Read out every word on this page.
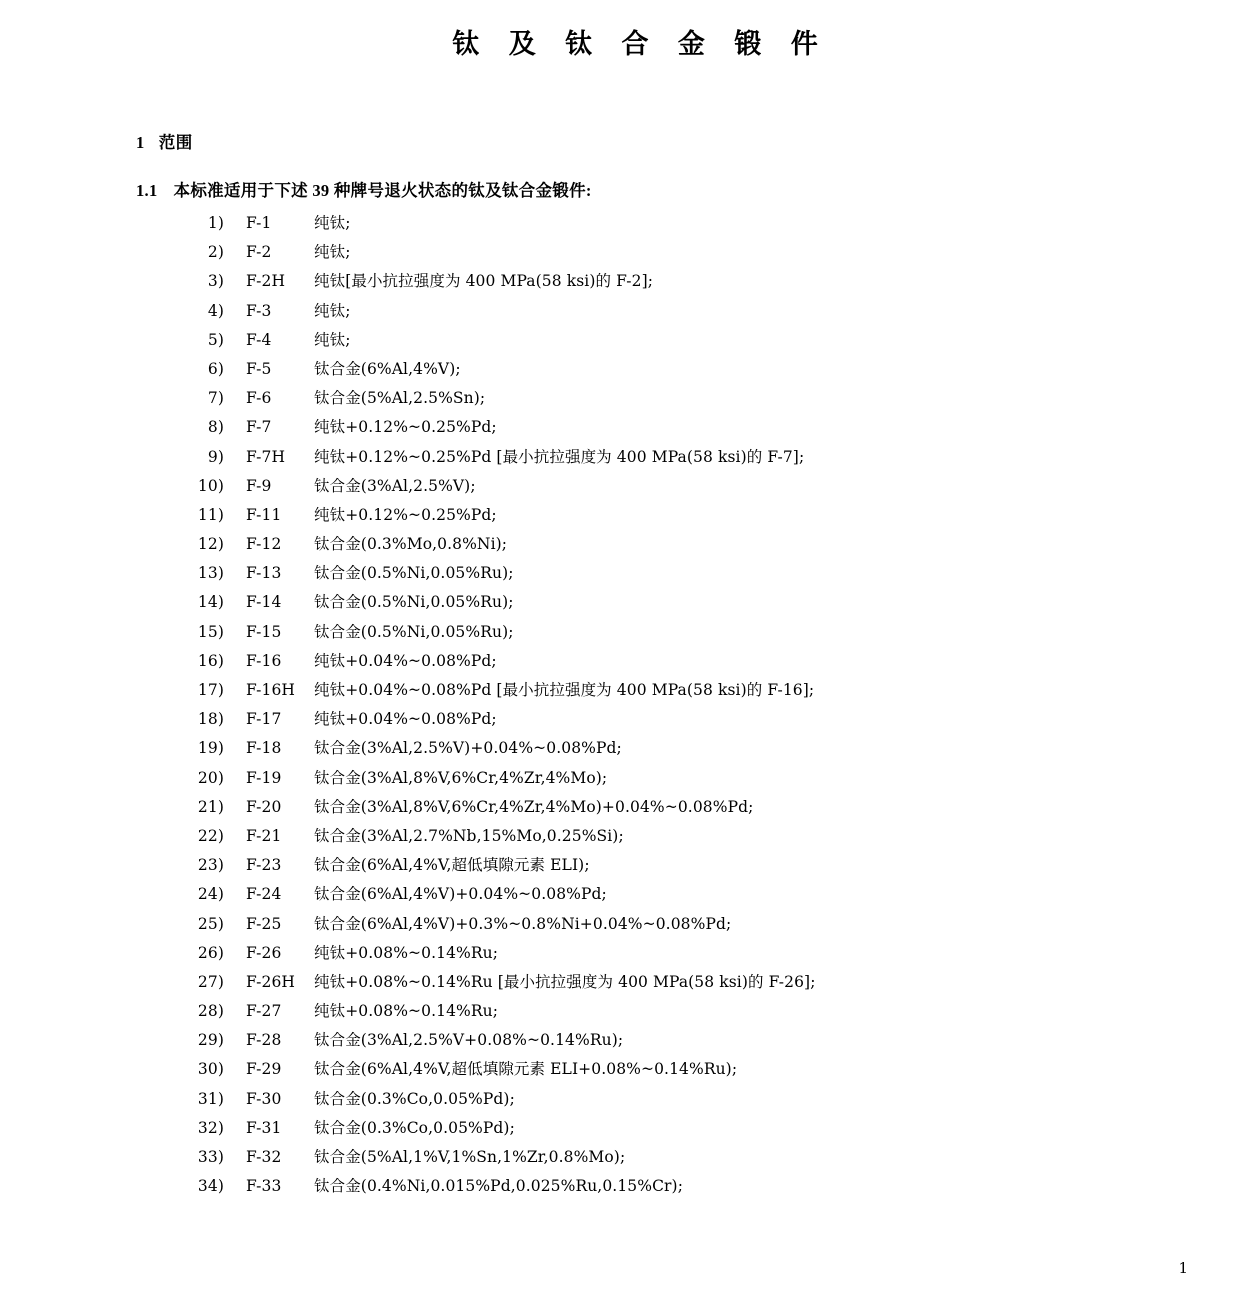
钛 及 钛 合 金 锻 件
1 范围
1.1 本标准适用于下述 39 种牌号退火状态的钛及钛合金锻件:
1)	F-1	纯钛;
2)	F-2	纯钛;
3)	F-2H	纯钛[最小抗拉强度为 400 MPa(58 ksi)的 F-2];
4)	F-3	纯钛;
5)	F-4	纯钛;
6)	F-5	钛合金(6%Al,4%V);
7)	F-6	钛合金(5%Al,2.5%Sn);
8)	F-7	纯钛+0.12%~0.25%Pd;
9)	F-7H	纯钛+0.12%~0.25%Pd [最小抗拉强度为 400 MPa(58 ksi)的 F-7];
10)	F-9	钛合金(3%Al,2.5%V);
11)	F-11	纯钛+0.12%~0.25%Pd;
12)	F-12	钛合金(0.3%Mo,0.8%Ni);
13)	F-13	钛合金(0.5%Ni,0.05%Ru);
14)	F-14	钛合金(0.5%Ni,0.05%Ru);
15)	F-15	钛合金(0.5%Ni,0.05%Ru);
16)	F-16	纯钛+0.04%~0.08%Pd;
17)	F-16H	纯钛+0.04%~0.08%Pd [最小抗拉强度为 400 MPa(58 ksi)的 F-16];
18)	F-17	纯钛+0.04%~0.08%Pd;
19)	F-18	钛合金(3%Al,2.5%V)+0.04%~0.08%Pd;
20)	F-19	钛合金(3%Al,8%V,6%Cr,4%Zr,4%Mo);
21)	F-20	钛合金(3%Al,8%V,6%Cr,4%Zr,4%Mo)+0.04%~0.08%Pd;
22)	F-21	钛合金(3%Al,2.7%Nb,15%Mo,0.25%Si);
23)	F-23	钛合金(6%Al,4%V,超低填隙元素 ELI);
24)	F-24	钛合金(6%Al,4%V)+0.04%~0.08%Pd;
25)	F-25	钛合金(6%Al,4%V)+0.3%~0.8%Ni+0.04%~0.08%Pd;
26)	F-26	纯钛+0.08%~0.14%Ru;
27)	F-26H	纯钛+0.08%~0.14%Ru [最小抗拉强度为 400 MPa(58 ksi)的 F-26];
28)	F-27	纯钛+0.08%~0.14%Ru;
29)	F-28	钛合金(3%Al,2.5%V+0.08%~0.14%Ru);
30)	F-29	钛合金(6%Al,4%V,超低填隙元素 ELI+0.08%~0.14%Ru);
31)	F-30	钛合金(0.3%Co,0.05%Pd);
32)	F-31	钛合金(0.3%Co,0.05%Pd);
33)	F-32	钛合金(5%Al,1%V,1%Sn,1%Zr,0.8%Mo);
34)	F-33	钛合金(0.4%Ni,0.015%Pd,0.025%Ru,0.15%Cr);
1
